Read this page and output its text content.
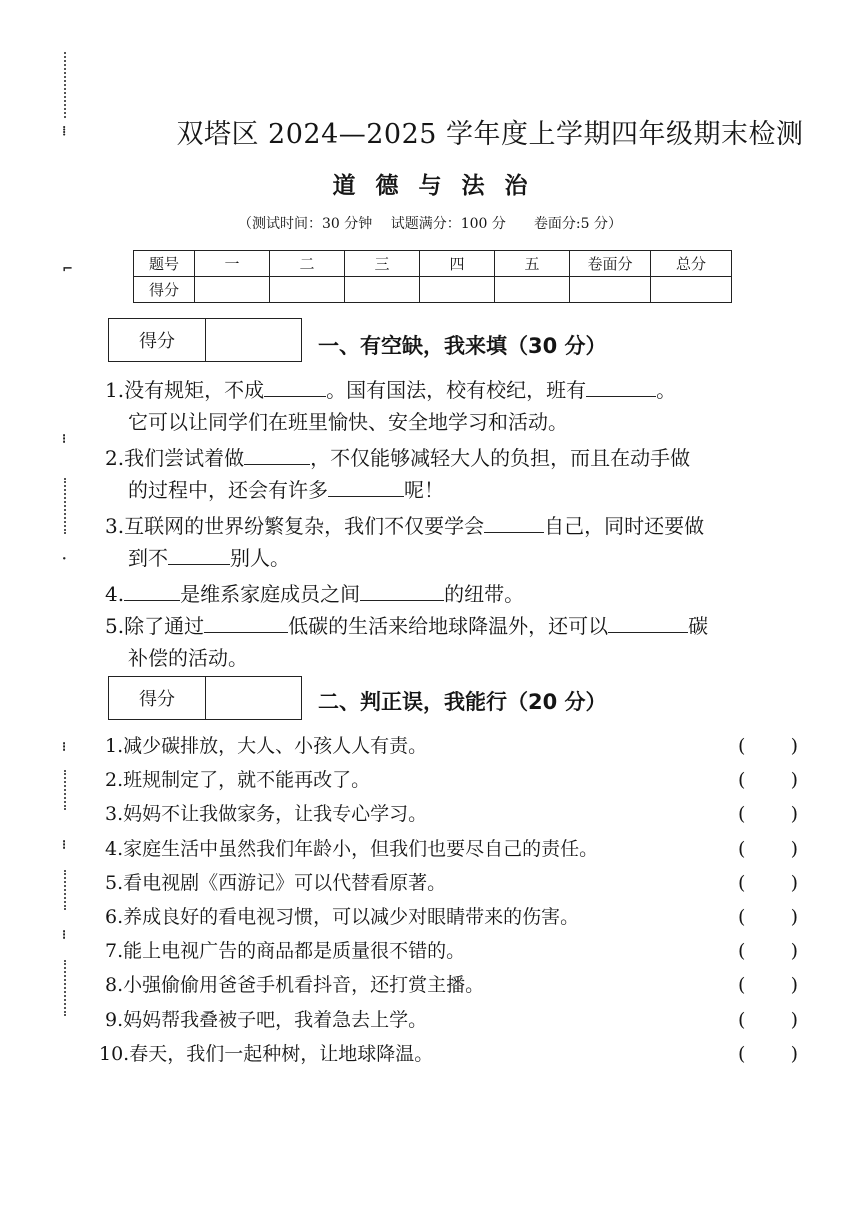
⁞
⌐
⁝
·
⁝
⁝
⁝
双塔区 2024—2025 学年度上学期四年级期末检测
道德与法治
（测试时间：30 分钟　 试题满分：100 分　　卷面分:5 分）
题号	一	二	三	四	五	卷面分	总分
得分							
得分	一、有空缺，我来填（30 分）
1.没有规矩，不成	。国有国法，校有校纪，班有	。
它可以让同学们在班里愉快、安全地学习和活动。
2.我们尝试着做	，不仅能够减轻大人的负担，而且在动手做
的过程中，还会有许多	呢！
3.互联网的世界纷繁复杂，我们不仅要学会	自己，同时还要做
到不	别人。
4.	是维系家庭成员之间	的纽带。
5.除了通过	低碳的生活来给地球降温外，还可以	碳
补偿的活动。
得分	二、判正误，我能行（20 分）
1.减少碳排放，大人、小孩人人有责。	( )
2.班规制定了，就不能再改了。	( )
3.妈妈不让我做家务，让我专心学习。	( )
4.家庭生活中虽然我们年龄小，但我们也要尽自己的责任。	( )
5.看电视剧《西游记》可以代替看原著。	( )
6.养成良好的看电视习惯，可以减少对眼睛带来的伤害。	( )
7.能上电视广告的商品都是质量很不错的。	( )
8.小强偷偷用爸爸手机看抖音，还打赏主播。	( )
9.妈妈帮我叠被子吧，我着急去上学。	( )
10.春天，我们一起种树，让地球降温。	( )
